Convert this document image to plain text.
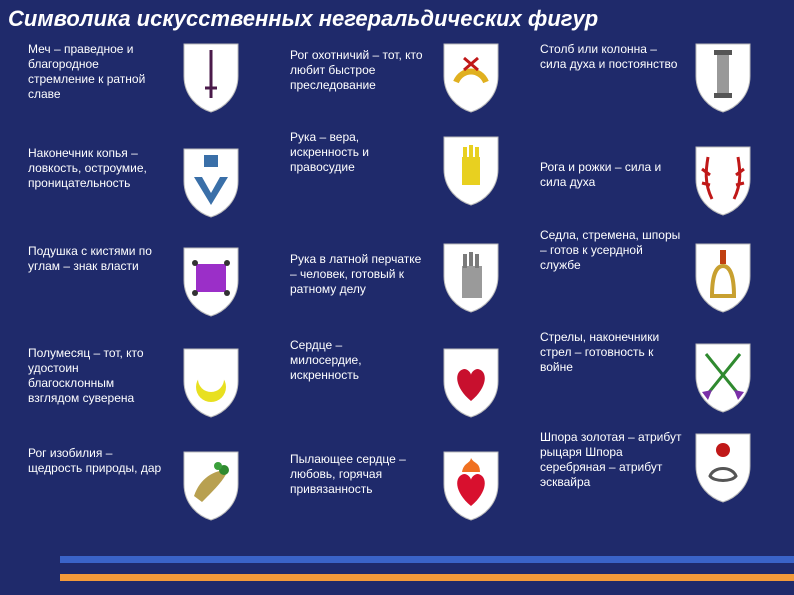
Символика искусственных негеральдических фигур
Меч – праведное и благородное стремление к ратной славе
Наконечник копья – ловкость, остроумие, проницательность
Подушка с кистями по углам – знак власти
Полумесяц – тот, кто удостоин благосклонным взглядом суверена
Рог изобилия – щедрость природы, дар
Рог охотничий – тот, кто любит быстрое преследование
Рука – вера, искренность и правосудие
Рука в латной перчатке – человек, готовый к ратному делу
Сердце – милосердие, искренность
Пылающее сердце – любовь, горячая привязанность
Столб или колонна – сила духа и постоянство
Рога и рожки – сила и сила духа
Седла, стремена, шпоры – готов к усердной службе
Стрелы, наконечники стрел – готовность к войне
Шпора золотая – атрибут рыцаря Шпора серебряная – атрибут эсквайра
